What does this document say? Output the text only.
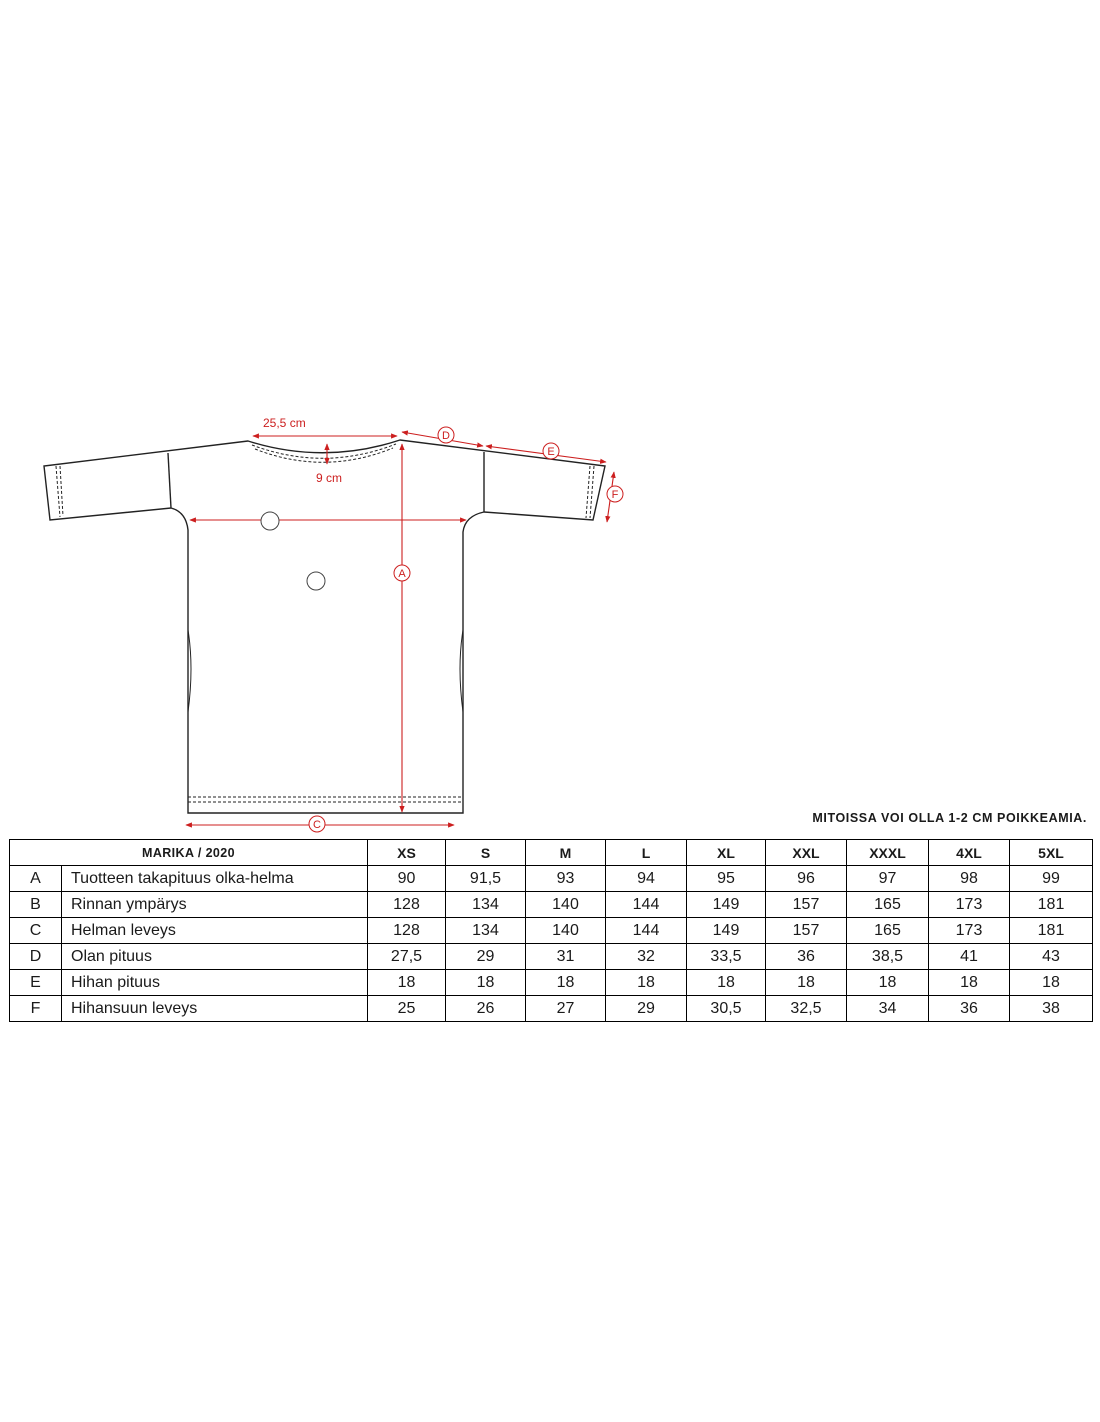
25,5 cm
9 cm
A
C
D
E
F
MITOISSA VOI OLLA 1-2 CM POIKKEAMIA.
MARIKA / 2020		XS	S	M	L	XL	XXL	XXXL	4XL	5XL
A	Tuotteen takapituus olka-helma	90	91,5	93	94	95	96	97	98	99
B	Rinnan ympärys	128	134	140	144	149	157	165	173	181
C	Helman leveys	128	134	140	144	149	157	165	173	181
D	Olan pituus	27,5	29	31	32	33,5	36	38,5	41	43
E	Hihan pituus	18	18	18	18	18	18	18	18	18
F	Hihansuun leveys	25	26	27	29	30,5	32,5	34	36	38
